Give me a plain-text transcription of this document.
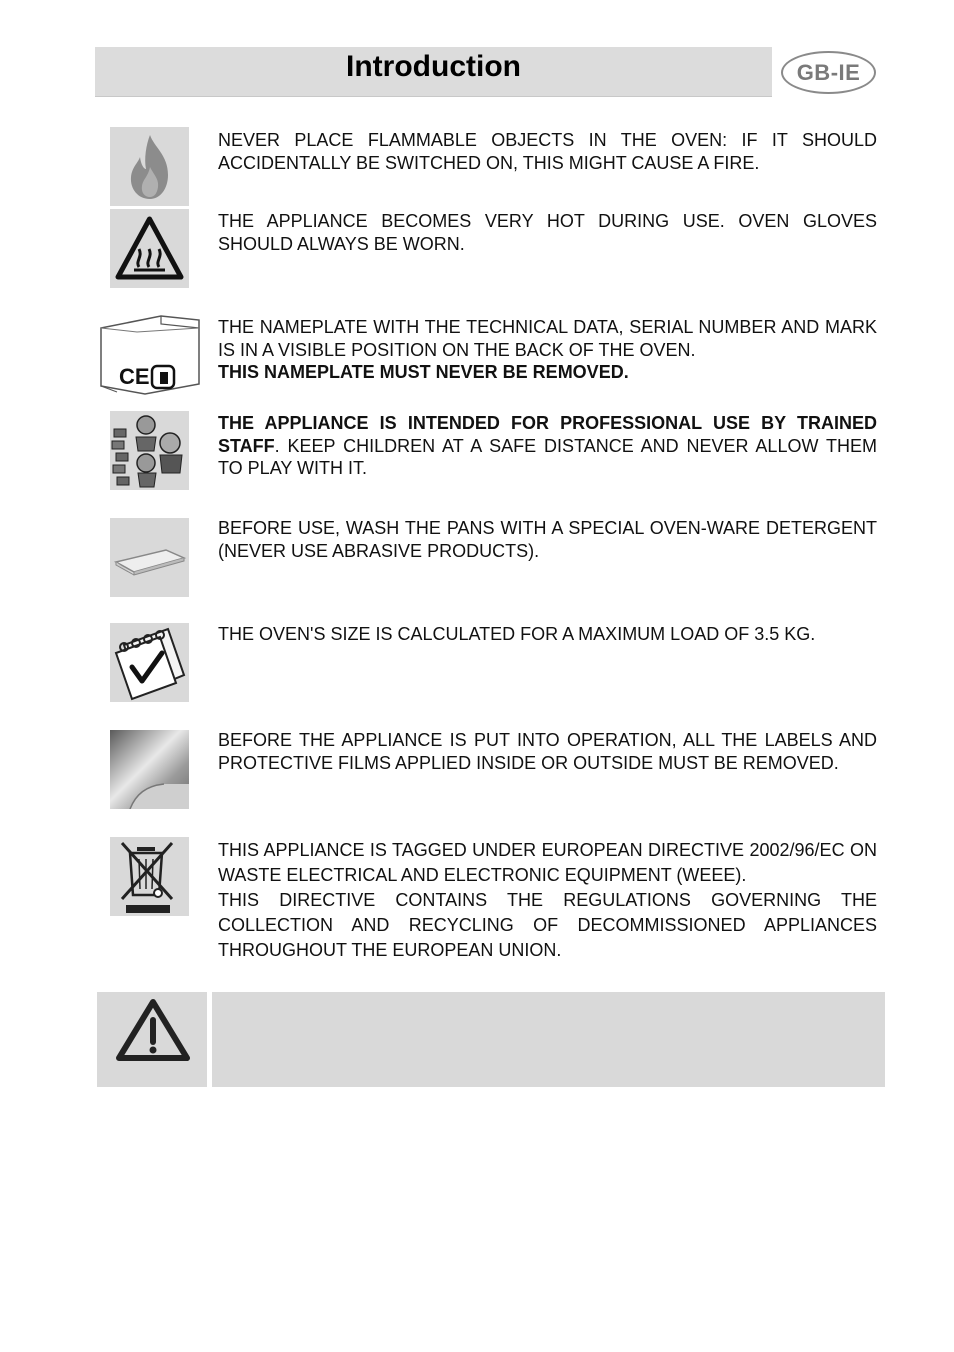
Introduction	GB-IE

NEVER PLACE FLAMMABLE OBJECTS IN THE OVEN: IF IT SHOULD ACCIDENTALLY BE SWITCHED ON, THIS MIGHT CAUSE A FIRE.

THE APPLIANCE BECOMES VERY HOT DURING USE. OVEN GLOVES SHOULD ALWAYS BE WORN.

CE

THE NAMEPLATE WITH THE TECHNICAL DATA, SERIAL NUMBER AND MARK IS IN A VISIBLE POSITION ON THE BACK OF THE OVEN.
THIS NAMEPLATE MUST NEVER BE REMOVED.

THE APPLIANCE IS INTENDED FOR PROFESSIONAL USE BY TRAINED STAFF. KEEP CHILDREN AT A SAFE DISTANCE AND NEVER ALLOW THEM TO PLAY WITH IT.

BEFORE USE, WASH THE PANS WITH A SPECIAL OVEN-WARE DETERGENT (NEVER USE ABRASIVE PRODUCTS).

THE OVEN'S SIZE IS CALCULATED FOR A MAXIMUM LOAD OF 3.5 KG.

BEFORE THE APPLIANCE IS PUT INTO OPERATION, ALL THE LABELS AND PROTECTIVE FILMS APPLIED INSIDE OR OUTSIDE MUST BE REMOVED.

THIS APPLIANCE IS TAGGED UNDER EUROPEAN DIRECTIVE 2002/96/EC ON WASTE ELECTRICAL AND ELECTRONIC EQUIPMENT (WEEE).

THIS DIRECTIVE CONTAINS THE REGULATIONS GOVERNING THE COLLECTION AND RECYCLING OF DECOMMISSIONED APPLIANCES THROUGHOUT THE EUROPEAN UNION.
